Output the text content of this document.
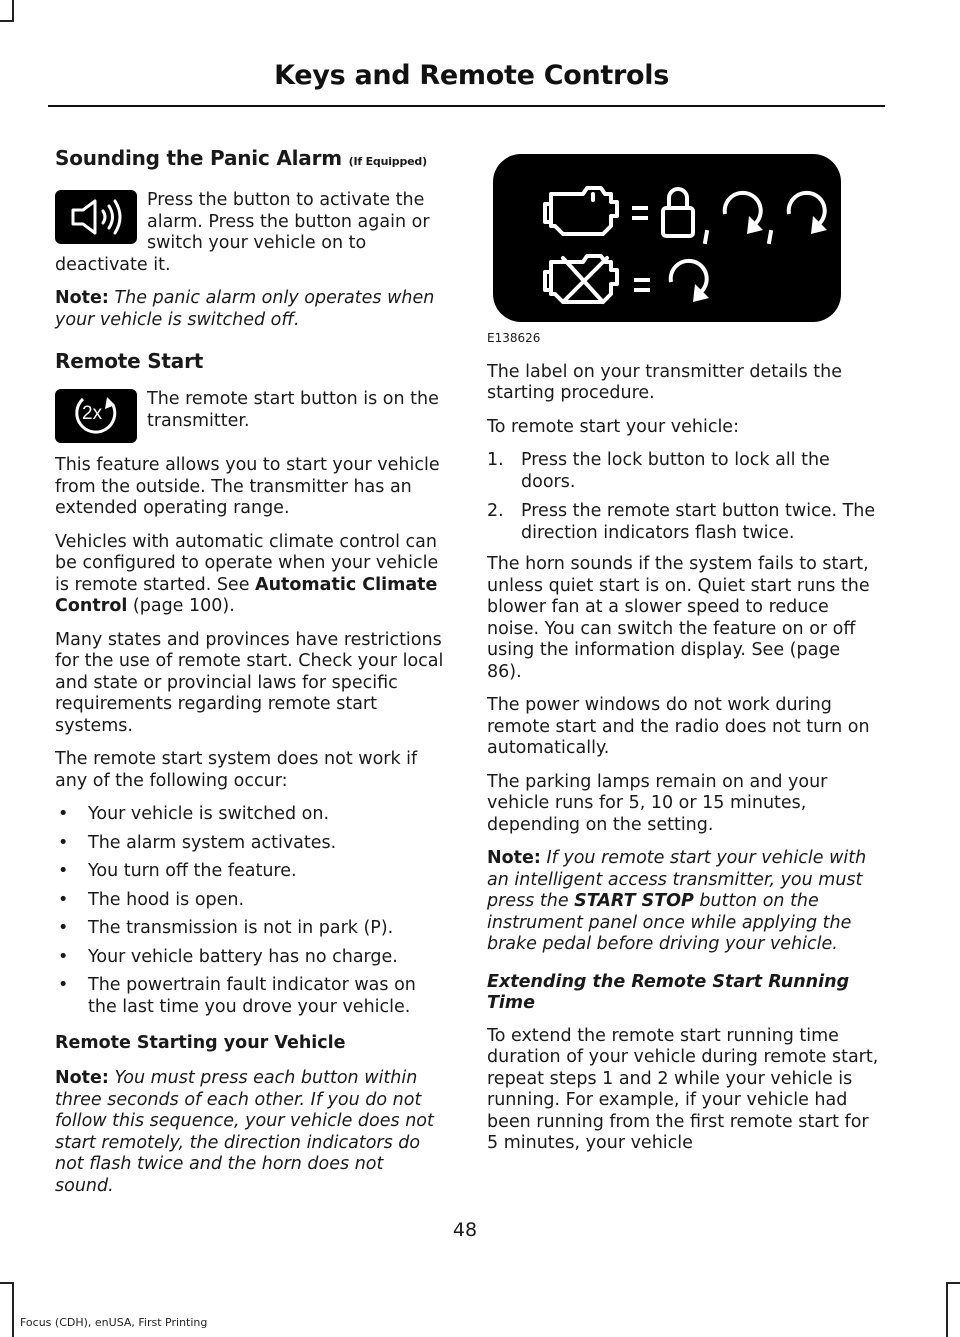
Keys and Remote Controls
Sounding the Panic Alarm (If Equipped)

Press the button to activate the alarm. Press the button again or switch your vehicle on to deactivate it.

Note: The panic alarm only operates when your vehicle is switched off.

Remote Start
2x

The remote start button is on the transmitter.

This feature allows you to start your vehicle from the outside. The transmitter has an extended operating range.

Vehicles with automatic climate control can be configured to operate when your vehicle is remote started. See Automatic Climate Control (page 100).

Many states and provinces have restrictions for the use of remote start. Check your local and state or provincial laws for specific requirements regarding remote start systems.

The remote start system does not work if any of the following occur:

• Your vehicle is switched on.
• The alarm system activates.
• You turn off the feature.
• The hood is open.
• The transmission is not in park (P).
• Your vehicle battery has no charge.
• The powertrain fault indicator was on the last time you drove your vehicle.
Remote Starting your Vehicle

Note: You must press each button within three seconds of each other. If you do not follow this sequence, your vehicle does not start remotely, the direction indicators do not flash twice and the horn does not sound.

E138626

The label on your transmitter details the starting procedure.

To remote start your vehicle:

1. Press the lock button to lock all the doors.
2. Press the remote start button twice. The direction indicators flash twice.

The horn sounds if the system fails to start, unless quiet start is on. Quiet start runs the blower fan at a slower speed to reduce noise. You can switch the feature on or off using the information display. See (page 86).

The power windows do not work during remote start and the radio does not turn on automatically.

The parking lamps remain on and your vehicle runs for 5, 10 or 15 minutes, depending on the setting.

Note: If you remote start your vehicle with an intelligent access transmitter, you must press the START STOP button on the instrument panel once while applying the brake pedal before driving your vehicle.

Extending the Remote Start Running Time

To extend the remote start running time duration of your vehicle during remote start, repeat steps 1 and 2 while your vehicle is running. For example, if your vehicle had been running from the first remote start for 5 minutes, your vehicle

48
Focus (CDH), enUSA, First Printing
